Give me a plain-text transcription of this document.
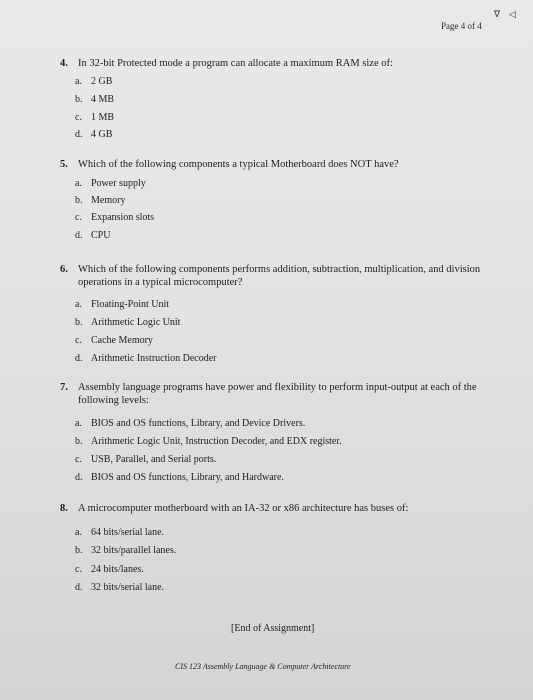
∇ ◁
Page 4 of 4
4. In 32-bit Protected mode a program can allocate a maximum RAM size of:
a. 2 GB
b. 4 MB
c. 1 MB
d. 4 GB
5. Which of the following components a typical Motherboard does NOT have?
a. Power supply
b. Memory
c. Expansion slots
d. CPU
6. Which of the following components performs addition, subtraction, multiplication, and division operations in a typical microcomputer?
a. Floating-Point Unit
b. Arithmetic Logic Unit
c. Cache Memory
d. Arithmetic Instruction Decoder
7. Assembly language programs have power and flexibility to perform input-output at each of the following levels:
a. BIOS and OS functions, Library, and Device Drivers.
b. Arithmetic Logic Unit, Instruction Decoder, and EDX register.
c. USB, Parallel, and Serial ports.
d. BIOS and OS functions, Library, and Hardware.
8. A microcomputer motherboard with an IA-32 or x86 architecture has buses of:
a. 64 bits/serial lane.
b. 32 bits/parallel lanes.
c. 24 bits/lanes.
d. 32 bits/serial lane.
[End of Assignment]
CIS 123 Assembly Language & Computer Architecture
